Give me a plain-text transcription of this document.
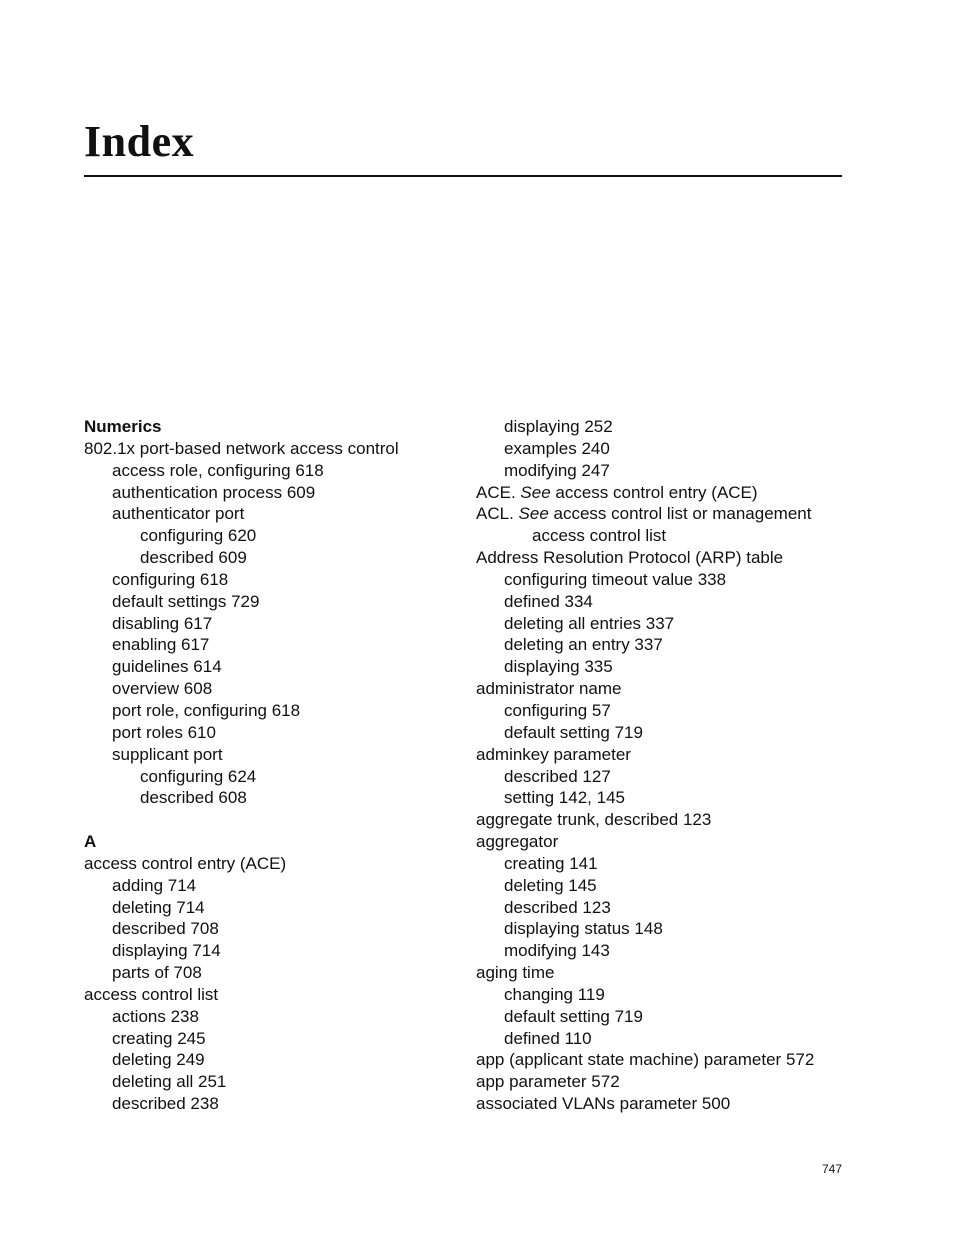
Index
Numerics
802.1x port-based network access control
access role, configuring 618
authentication process 609
authenticator port
configuring 620
described 609
configuring 618
default settings 729
disabling 617
enabling 617
guidelines 614
overview 608
port role, configuring 618
port roles 610
supplicant port
configuring 624
described 608
A
access control entry (ACE)
adding 714
deleting 714
described 708
displaying 714
parts of 708
access control list
actions 238
creating 245
deleting 249
deleting all 251
described 238
displaying 252
examples 240
modifying 247
ACE. See access control entry (ACE)
ACL. See access control list or management
access control list
Address Resolution Protocol (ARP) table
configuring timeout value 338
defined 334
deleting all entries 337
deleting an entry 337
displaying 335
administrator name
configuring 57
default setting 719
adminkey parameter
described 127
setting 142, 145
aggregate trunk, described 123
aggregator
creating 141
deleting 145
described 123
displaying status 148
modifying 143
aging time
changing 119
default setting 719
defined 110
app (applicant state machine) parameter 572
app parameter 572
associated VLANs parameter 500
747
